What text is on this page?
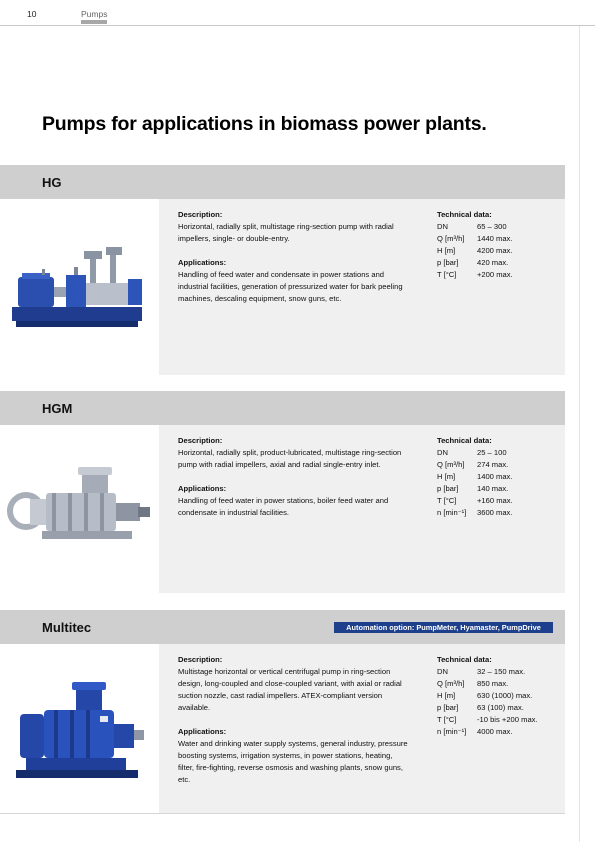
10	Pumps
Pumps for applications in biomass power plants.
HG

Description:
Horizontal, radially split, multistage ring-section pump with radial impellers, single- or double-entry.

Applications:
Handling of feed water and condensate in power stations and industrial facilities, generation of pressurized water for bark peeling machines, descaling equipment, snow guns, etc.

Technical data:
DN	65 – 300
Q [m³/h]	1440 max.
H [m]	4200 max.
p [bar]	420 max.
T [°C]	+200 max.
HGM

Description:
Horizontal, radially split, product-lubricated, multistage ring-section pump with radial impellers, axial and radial single-entry inlet.

Applications:
Handling of feed water in power stations, boiler feed water and condensate in industrial facilities.

Technical data:
DN	25 – 100
Q [m³/h]	274 max.
H [m]	1400 max.
p [bar]	140 max.
T [°C]	+160 max.
n [min⁻¹]	3600 max.
Multitec	Automation option: PumpMeter, Hyamaster, PumpDrive

Description:
Multistage horizontal or vertical centrifugal pump in ring-section design, long-coupled and close-coupled variant, with axial or radial suction nozzle, cast radial impellers. ATEX-compliant version available.

Applications:
Water and drinking water supply systems, general industry, pressure boosting systems, irrigation systems, in power stations, heating, filter, fire-fighting, reverse osmosis and washing plants, snow guns, etc.

Technical data:
DN	32 – 150 max.
Q [m³/h]	850 max.
H [m]	630 (1000) max.
p [bar]	63 (100) max.
T [°C]	-10 bis +200 max.
n [min⁻¹]	4000 max.
